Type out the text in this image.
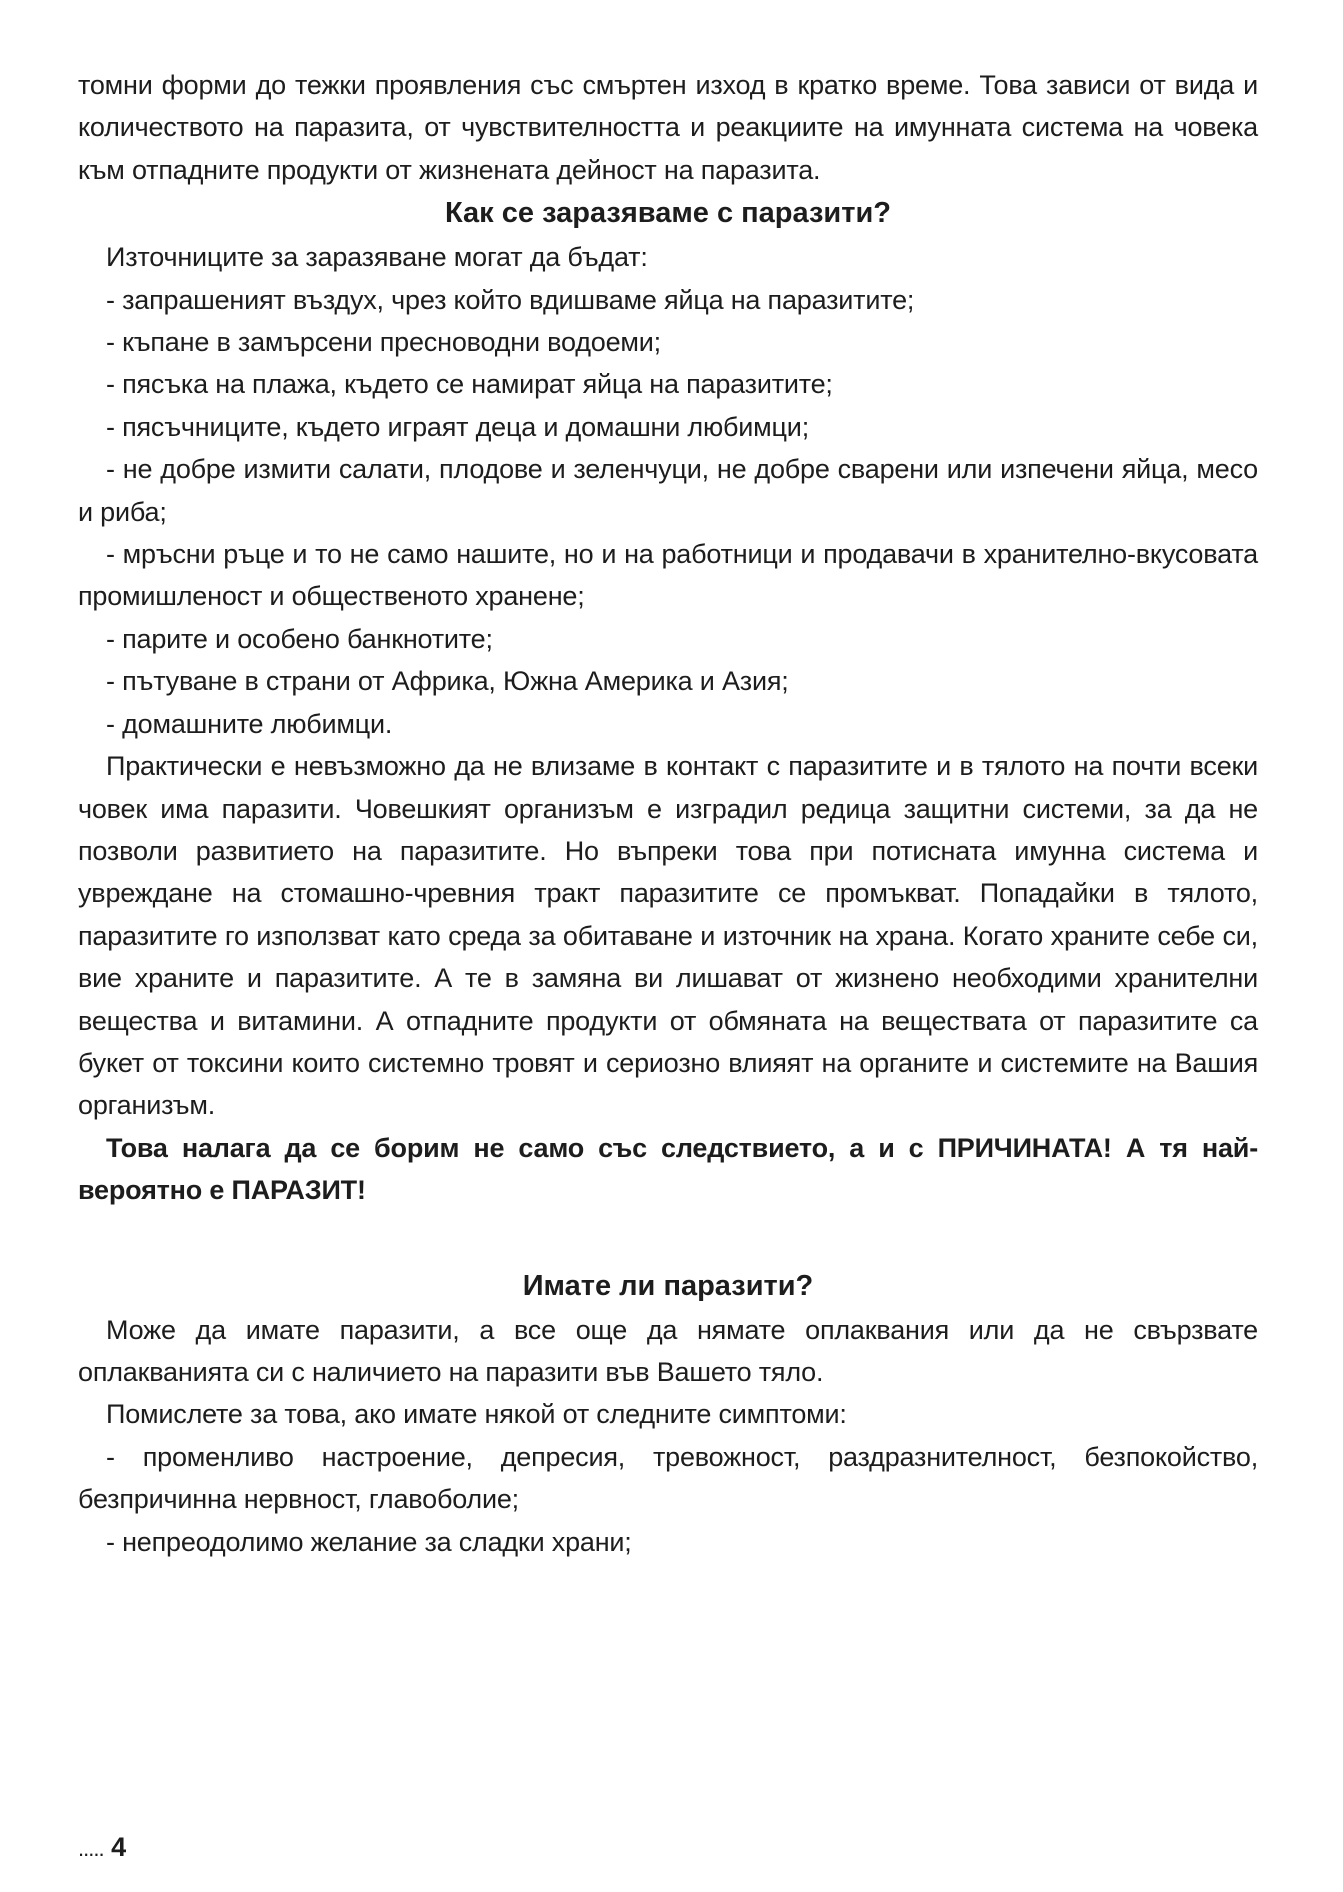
томни форми до тежки проявления със смъртен изход в кратко време. Това зависи от вида и количеството на паразита, от чувствителността и реакциите на имунната система на човека към отпадните продукти от жизнената дейност на паразита.

Как се заразяваме с паразити?

Източниците за заразяване могат да бъдат:

- запрашеният въздух, чрез който вдишваме яйца на паразитите;

- къпане в замърсени пресноводни водоеми;

- пясъка на плажа, където се намират яйца на паразитите;

- пясъчниците, където играят деца и домашни любимци;

- не добре измити салати, плодове и зеленчуци, не добре сварени или изпечени яйца, месо и риба;

- мръсни ръце и то не само нашите, но и на работници и продавачи в хранително-вкусовата промишленост и общественото хранене;

- парите и особено банкнотите;

- пътуване в страни от Африка, Южна Америка и Азия;

- домашните любимци.

Практически е невъзможно да не влизаме в контакт с паразитите и в тялото на почти всеки човек има паразити. Човешкият организъм е изградил редица защитни системи, за да не позволи развитието на паразитите. Но въпреки това при потисната имунна система и увреждане на стомашно-чревния тракт паразитите се промъкват. Попадайки в тялото, паразитите го използват като среда за обитаване и източник на храна. Когато храните себе си, вие храните и паразитите. А те в замяна ви лишават от жизнено необходими хранителни вещества и витамини. А отпадните продукти от обмяната на веществата от паразитите са букет от токсини които системно тровят и сериозно влияят на органите и системите на Вашия организъм.

Това налага да се борим не само със следствието, а и с ПРИЧИНАТА! А тя най-вероятно е ПАРАЗИТ!

Имате ли паразити?

Може да имате паразити, а все още да нямате оплаквания или да не свързвате оплакванията си с наличието на паразити във Вашето тяло.

Помислете за това, ако имате някой от следните симптоми:

- променливо настроение, депресия, тревожност, раздразнителност, безпокойство, безпричинна нервност, главоболие;

- непреодолимо желание за сладки храни;

..... 4
